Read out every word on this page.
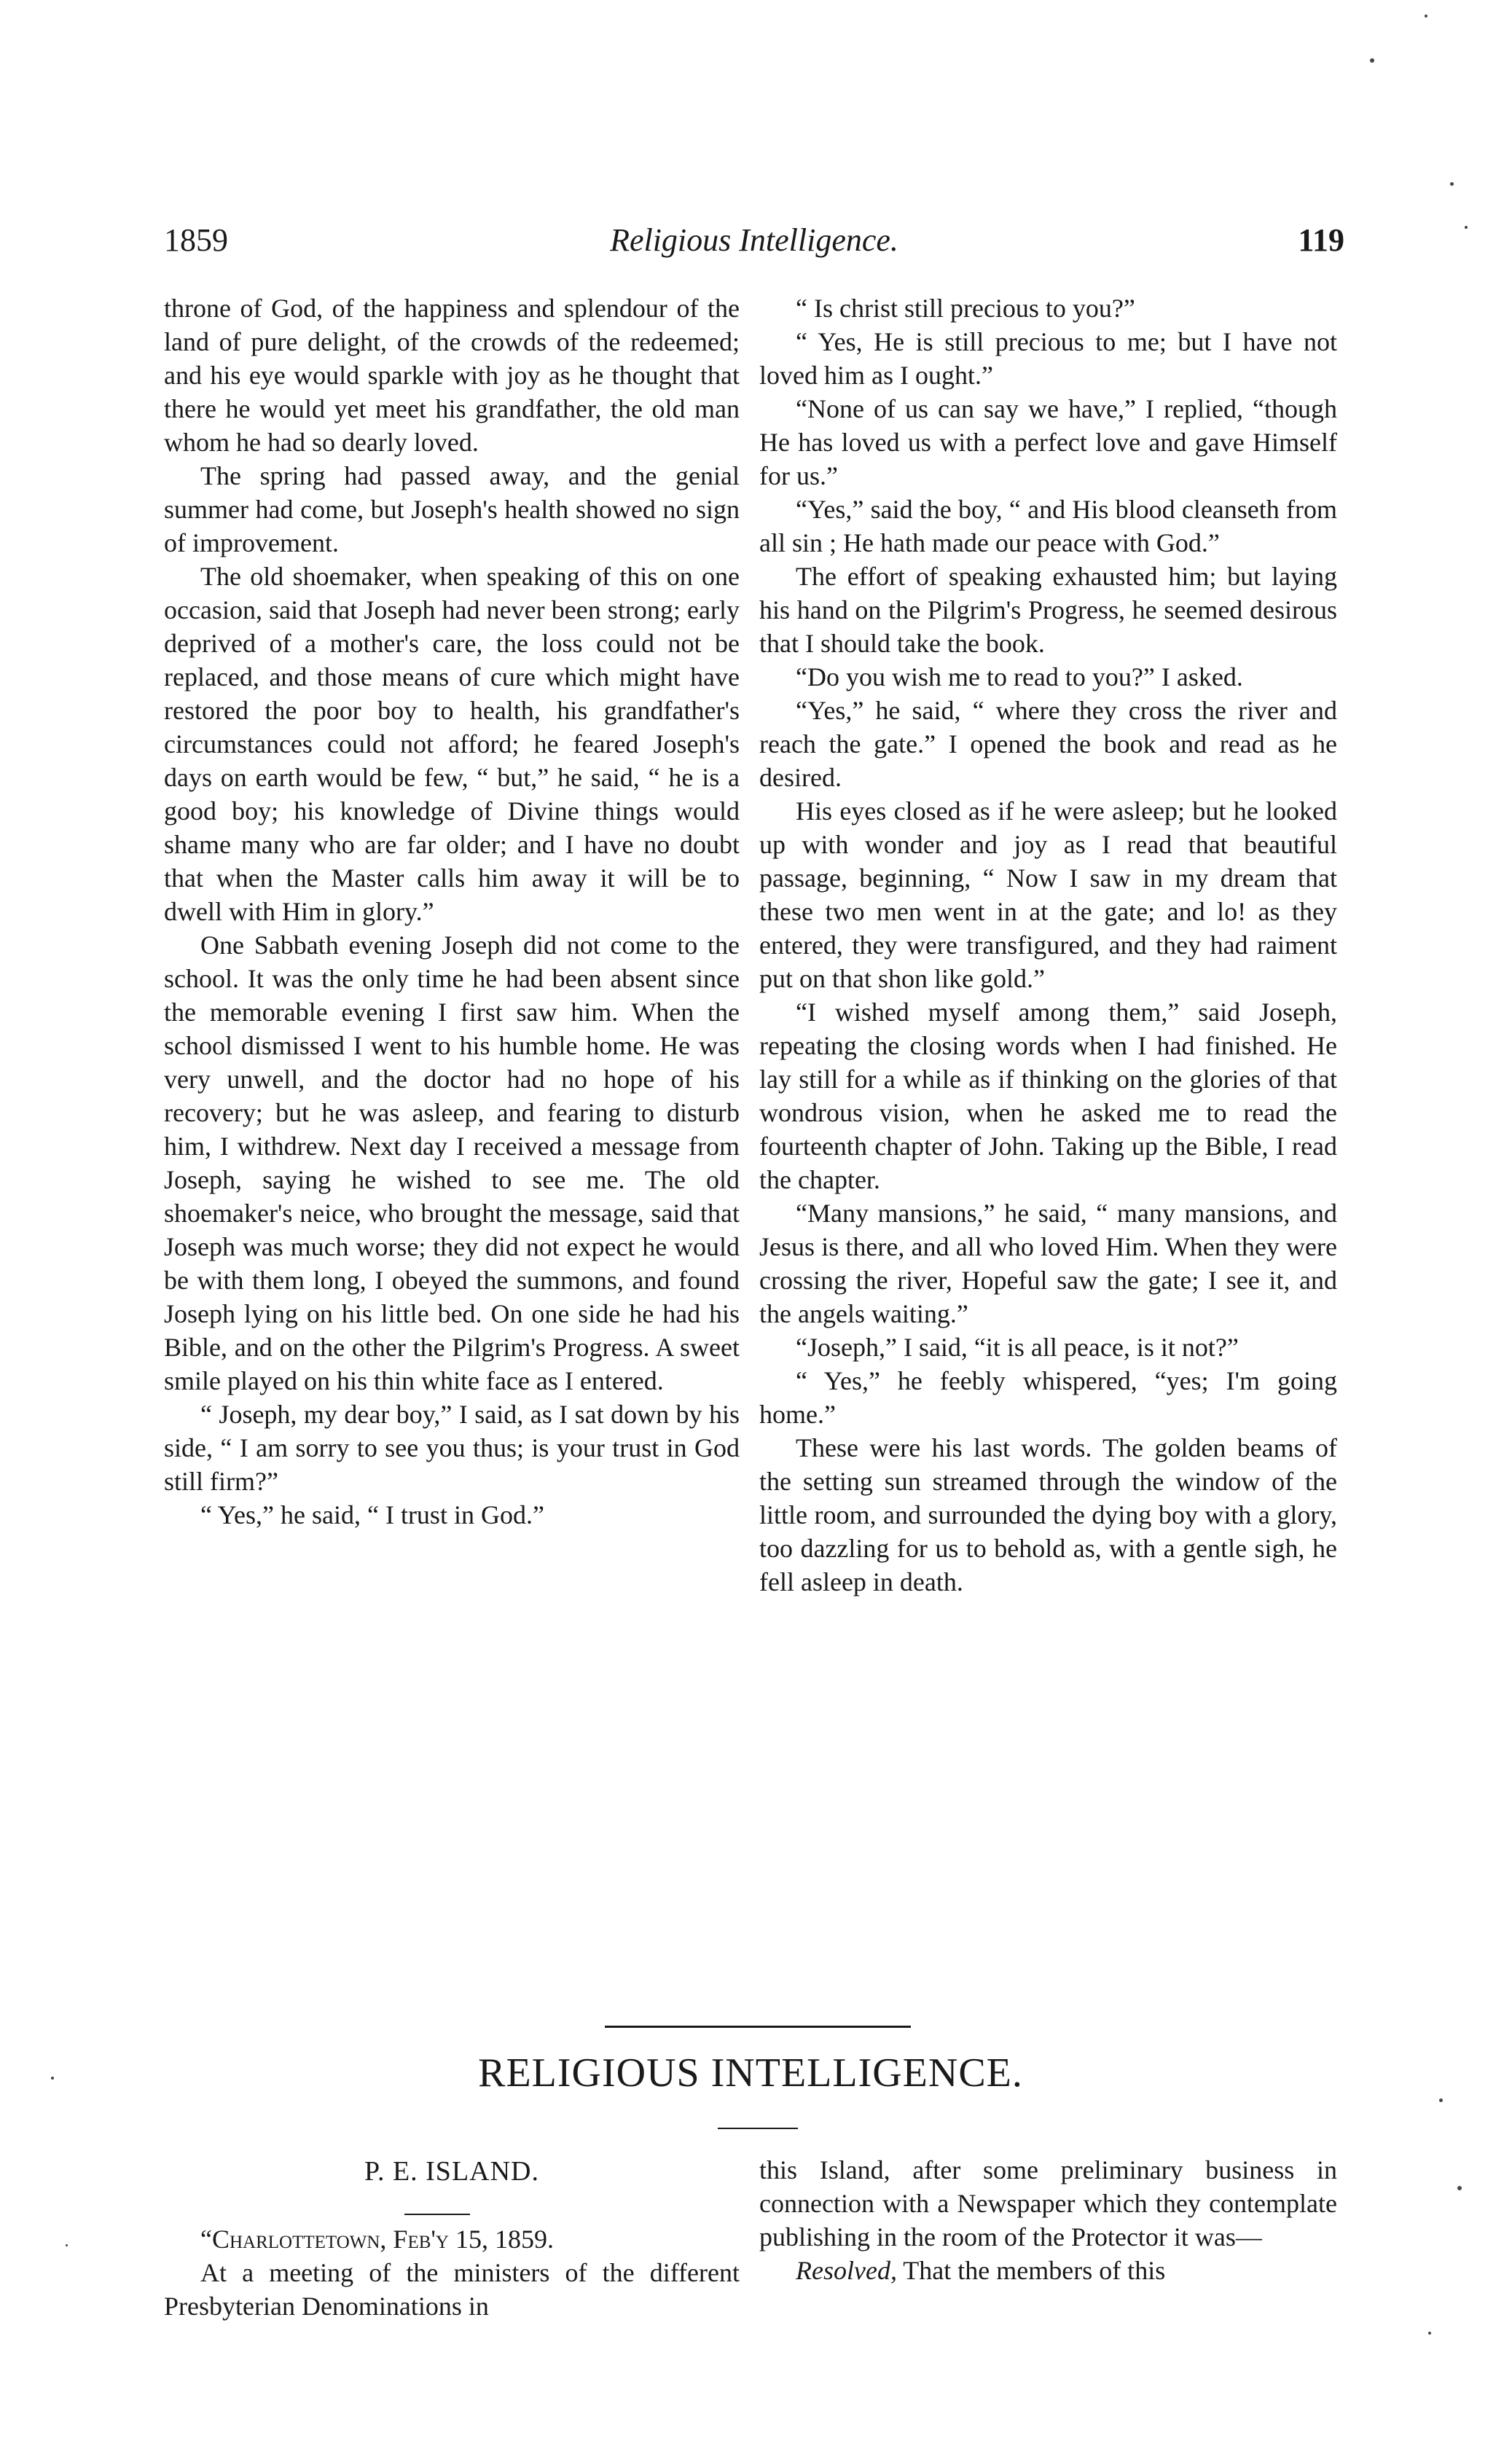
1859	Religious Intelligence.	119

throne of God, of the happiness and splendour of the land of pure delight, of the crowds of the redeemed; and his eye would sparkle with joy as he thought that there he would yet meet his grandfather, the old man whom he had so dearly loved.

The spring had passed away, and the genial summer had come, but Joseph's health showed no sign of improvement.

The old shoemaker, when speaking of this on one occasion, said that Joseph had never been strong; early deprived of a mother's care, the loss could not be replaced, and those means of cure which might have restored the poor boy to health, his grandfather's circumstances could not afford; he feared Joseph's days on earth would be few, “ but,” he said, “ he is a good boy; his knowledge of Divine things would shame many who are far older; and I have no doubt that when the Master calls him away it will be to dwell with Him in glory.”

One Sabbath evening Joseph did not come to the school. It was the only time he had been absent since the memorable evening I first saw him. When the school dismissed I went to his humble home. He was very unwell, and the doctor had no hope of his recovery; but he was asleep, and fearing to disturb him, I withdrew. Next day I received a message from Joseph, saying he wished to see me. The old shoemaker's neice, who brought the message, said that Joseph was much worse; they did not expect he would be with them long, I obeyed the summons, and found Joseph lying on his little bed. On one side he had his Bible, and on the other the Pilgrim's Progress. A sweet smile played on his thin white face as I entered.

“ Joseph, my dear boy,” I said, as I sat down by his side, “ I am sorry to see you thus; is your trust in God still firm?”

“ Yes,” he said, “ I trust in God.”

“ Is christ still precious to you?”

“ Yes, He is still precious to me; but I have not loved him as I ought.”

“None of us can say we have,” I replied, “though He has loved us with a perfect love and gave Himself for us.”

“Yes,” said the boy, “ and His blood cleanseth from all sin ; He hath made our peace with God.”

The effort of speaking exhausted him; but laying his hand on the Pilgrim's Progress, he seemed desirous that I should take the book.

“Do you wish me to read to you?” I asked.

“Yes,” he said, “ where they cross the river and reach the gate.” I opened the book and read as he desired.

His eyes closed as if he were asleep; but he looked up with wonder and joy as I read that beautiful passage, beginning, “ Now I saw in my dream that these two men went in at the gate; and lo! as they entered, they were transfigured, and they had raiment put on that shon like gold.”

“I wished myself among them,” said Joseph, repeating the closing words when I had finished. He lay still for a while as if thinking on the glories of that wondrous vision, when he asked me to read the fourteenth chapter of John. Taking up the Bible, I read the chapter.

“Many mansions,” he said, “ many mansions, and Jesus is there, and all who loved Him. When they were crossing the river, Hopeful saw the gate; I see it, and the angels waiting.”

“Joseph,” I said, “it is all peace, is it not?”

“ Yes,” he feebly whispered, “yes; I'm going home.”

These were his last words. The golden beams of the setting sun streamed through the window of the little room, and surrounded the dying boy with a glory, too dazzling for us to behold as, with a gentle sigh, he fell asleep in death.

RELIGIOUS INTELLIGENCE.
P. E. ISLAND.

“Charlottetown, Feb'y 15, 1859.

At a meeting of the ministers of the different Presbyterian Denominations in

this Island, after some preliminary business in connection with a Newspaper which they contemplate publishing in the room of the Protector it was—

Resolved, That the members of this
